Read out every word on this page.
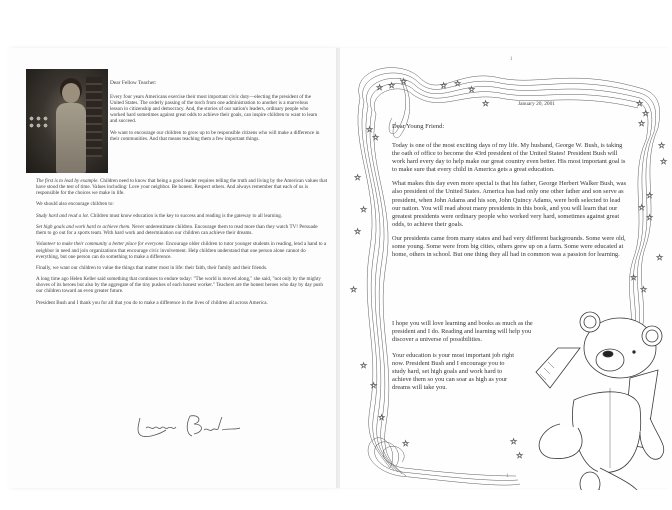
Dear Fellow Teacher:

Every four years Americans exercise their most important civic duty—electing the president of the United States. The orderly passing of the torch from one administration to another is a marvelous lesson in citizenship and democracy. And, the stories of our nation's leaders, ordinary people who worked hard sometimes against great odds to achieve their goals, can inspire children to want to learn and succeed.

We want to encourage our children to grow up to be responsible citizens who will make a difference in their communities. And that means teaching them a few important things.

The first is to lead by example. Children need to know that being a good leader requires telling the truth and living by the American values that have stood the test of time. Values including: Love your neighbor. Be honest. Respect others. And always remember that each of us is responsible for the choices we make in life.

We should also encourage children to:

Study hard and read a lot. Children must know education is the key to success and reading is the gateway to all learning.

Set high goals and work hard to achieve them. Never underestimate children. Encourage them to read more than they watch TV! Persuade them to go out for a sports team. With hard work and determination our children can achieve their dreams.

Volunteer to make their community a better place for everyone. Encourage older children to tutor younger students in reading, lend a hand to a neighbor in need and join organizations that encourage civic involvement. Help children understand that one person alone cannot do everything, but one person can do something to make a difference.

Finally, we want our children to value the things that matter most in life: their faith, their family and their friends.

A long time ago Helen Keller said something that continues to endure today: "The world is moved along," she said, "not only by the mighty shoves of its heroes but also by the aggregate of the tiny pushes of each honest worker." Teachers are the honest heroes who day by day push our children toward an even greater future.

President Bush and I thank you for all that you do to make a difference in the lives of children all across America.

☆ ☆ ☆	☆ ☆
☆
☆
☆
☆
☆
☆
☆
☆
☆
☆
☆
☆	☆
☆
☆
☆
☆
☆
☆
☆
☆
☆
☆
☆
☆
1
1
January 20, 2001
Dear Young Friend:

Today is one of the most exciting days of my life. My husband, George W. Bush, is taking the oath of office to become the 43rd president of the United States! President Bush will work hard every day to help make our great country even better. His most important goal is to make sure that every child in America gets a great education.

What makes this day even more special is that his father, George Herbert Walker Bush, was also president of the United States. America has had only one other father and son serve as president, when John Adams and his son, John Quincy Adams, were both selected to lead our nation. You will read about many presidents in this book, and you will learn that our greatest presidents were ordinary people who worked very hard, sometimes against great odds, to achieve their goals.

Our presidents came from many states and had very different backgrounds. Some were old, some young. Some were from big cities, others grew up on a farm. Some were educated at home, others in school. But one thing they all had in common was a passion for learning.

I hope you will love learning and books as much as the president and I do. Reading and learning will help you discover a universe of possibilities.
Your education is your most important job right now. President Bush and I encourage you to study hard, set high goals and work hard to achieve them so you can soar as high as your dreams will take you.
